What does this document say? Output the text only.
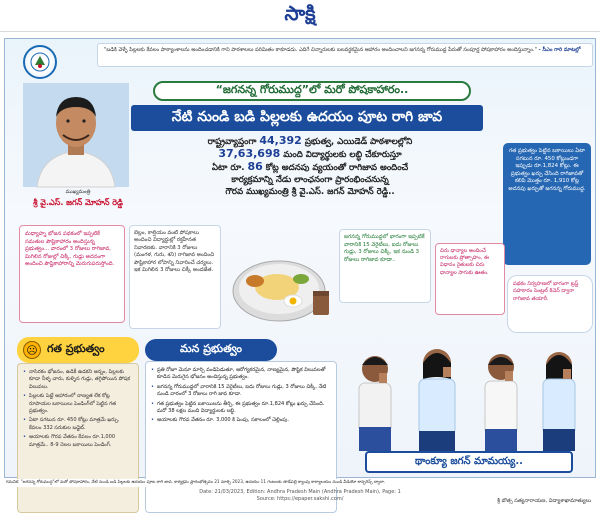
సాక్షి
"బడికి వెళ్ళే పిల్లలకు కేవలం పాఠ్యాంశాలను అందించడానికి గాని పాఠశాలలు పరిమితం కాకూడదు. ఎదిగే చిన్నారులకు బలవర్థకమైన ఆహారం అందించాలని జగనన్న గోరుముద్ద పేరుతో సంపూర్ణ పోషకాహారం అందిస్తున్నాం." - సీఎం గారి మాటల్లో
ముఖ్యమంత్రి
శ్రీ వై.ఎస్. జగన్ మోహన్ రెడ్డి
“జగనన్న గోరుముద్ద”లో మరో పోషకాహారం..
నేటి నుండి బడి పిల్లలకు ఉదయం పూట రాగి జావ
రాష్ట్రవ్యాప్తంగా 44,392 ప్రభుత్వ, ఎయిడెడ్ పాఠశాలల్లోని
37,63,698 మంది విద్యార్థులకు లబ్ధి చేకూరుస్తూ
ఏటా రూ. 86 కోట్ల అదనపు వ్యయంతో రాగిజావ అందించే
కార్యక్రమాన్ని నేడు లాంఛనంగా ప్రారంభించనున్న
గౌరవ ముఖ్యమంత్రి శ్రీ వై.ఎస్. జగన్ మోహన్ రెడ్డి..
గత ప్రభుత్వం పెట్టిన బకాయిలు ఏటా సగటున రూ. 450 కోట్లుండగా ఇప్పుడు రూ.1,824 కోట్లు. ఈ ప్రభుత్వం ఖర్చు చేసింది రాగిజావతో కలిపి మొత్తం రూ. 1,910 కోట్ల అదనపు ఖర్చుతో జగనన్న గోరుముద్ద.
మధ్యాహ్న భోజన పథకంలో ఇప్పటికే సమతుల పౌష్టికాహారం అందిస్తున్న ప్రభుత్వం... వారంలో 3 రోజులు రాగిజావ, మిగిలిన రోజుల్లో చిక్కీ, గుడ్లు అదనంగా అందించి పౌష్టికాహారాన్ని మెరుగుపరుస్తోంది.
బెల్లం, కాల్షియం వంటి పోషకాలు అందించి విద్యార్థుల్లో రక్తహీనత నివారణకు. వారానికి 3 రోజులు (మంగళ, గురు, శని) రాగిజావ అందించి పౌష్టికాహార లోపాన్ని నివారించే చర్యలు. ఇక మిగిలిన 3 రోజులు చిక్కీ అందజేత.
జగనన్న గోరుముద్దలో భాగంగా ఇప్పటికే వారానికి 15 వెరైటీలు, ఐదు రోజులు గుడ్లు, 3 రోజులు చిక్కీ, ఇక నుండి 3 రోజులు రాగిజావ కూడా..
చిరు ధాన్యాల అందించే రాగులకు ప్రోత్సాహం, ఈ విధానం రైతులకు చిరు ధాన్యాల సాగుకు ఊతం.
పథకం నిర్వహణలో భాగంగా ట్రస్ట్ సహకారం సెంట్రల్ కిచెన్ ద్వారా రాగిజావ తయారీ.
☹ గత ప్రభుత్వం
• నాసిరకం భోజనం, ఉడికీ ఉడకని అన్నం, పిల్లలకు కూడా నీళ్ళ చారు, కుళ్ళిన గుడ్లు, తగ్గిపోయిన పోషక విలువలు.
• పిల్లలకు పెట్టే ఆహారంలో నాణ్యత లేక కోట్ల రూపాయల బకాయిలు పెండింగ్‌లో పెట్టిన గత ప్రభుత్వం.
• ఏటా సగటున రూ. 450 కోట్లు మాత్రమే ఖర్చు, కేవలం 332 సరుకుల బడ్జెట్.
• ఆయాలకు గౌరవ వేతనం కేవలం రూ.1,000 మాత్రమే.. 8-9 నెలల బకాయిలు పెండింగ్.
మన ప్రభుత్వం
• ప్రతి రోజూ మెనూ మార్చి వండిపెడుతూ, ఆరోగ్యకరమైన, నాణ్యమైన, పౌష్టిక విలువలతో కూడిన మెరుగైన భోజనం అందిస్తున్న ప్రభుత్వం.
• జగనన్న గోరుముద్దలో వారానికి 15 వెరైటీలు, ఐదు రోజులు గుడ్లు, 3 రోజులు చిక్కీ, నేటి నుండి వారంలో 3 రోజులు రాగి జావ కూడా.
• గత ప్రభుత్వం పెట్టిన బకాయిలను తీర్చి, ఈ ప్రభుత్వం రూ.1,824 కోట్లు ఖర్చు చేసింది. మరో 38 లక్షల మంది విద్యార్థులకు లబ్ధి.
• ఆయాలకు గౌరవ వేతనం రూ. 3,000 కి పెంపు, సకాలంలో చెల్లింపు.
థాంక్యూ జగన్ మామయ్య..
శ్రీ బొత్స సత్యనారాయణ, విద్యాశాఖామాత్యులు
గమనిక: "జగనన్న గోరుముద్ద"లో మరో పోషకాహారం, నేటి నుండి బడి పిల్లలకు ఉదయం పూట రాగి జావ. కార్యక్రమ ప్రారంభోత్సవం 21 మార్చి 2023, ఉదయం 11 గంటలకు తాడేపల్లి క్యాంపు కార్యాలయం నుండి వీడియో కాన్ఫరెన్స్ ద్వారా.
Date: 21/03/2023, Edition: Andhra Pradesh Main (Andhra Pradesh Main), Page: 1
Source: https://epaper.sakshi.com/
